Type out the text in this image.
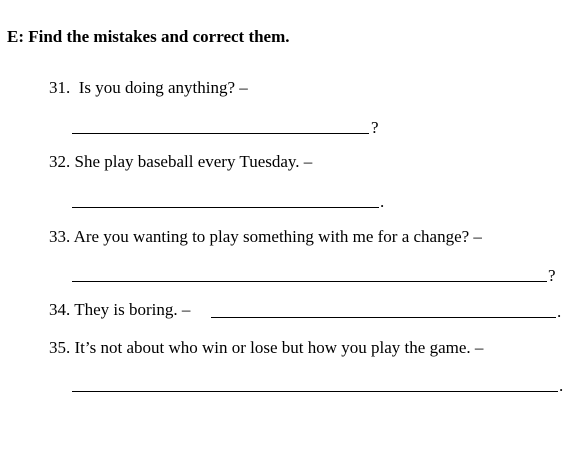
E: Find the mistakes and correct them.
31. Is you doing anything? –
?
32. She play baseball every Tuesday. –
.
33. Are you wanting to play something with me for a change? –
?
34. They is boring. –	.
35. It’s not about who win or lose but how you play the game. –
.
